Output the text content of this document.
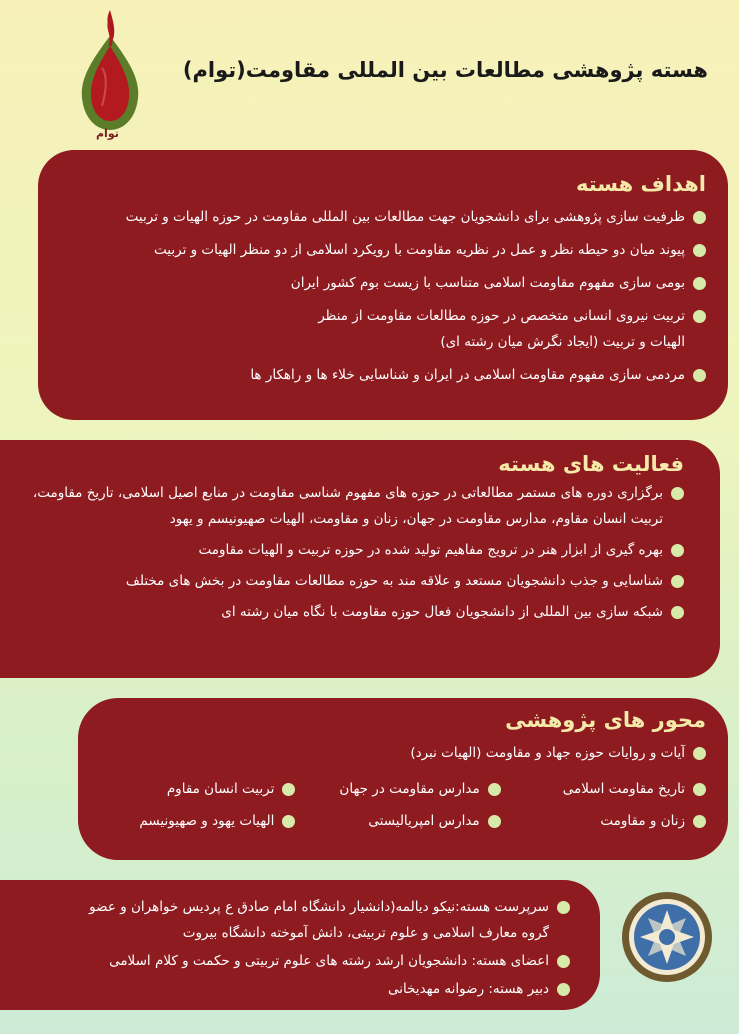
توام
هسته پژوهشی مطالعات بین المللی مقاومت(توام)
اهداف هسته
ظرفیت سازی پژوهشی برای دانشجویان جهت مطالعات بین المللی مقاومت در حوزه الهیات و تربیت
پیوند میان دو حیطه نظر و عمل در نظریه مقاومت با رویکرد اسلامی از دو منظر الهیات و تربیت
بومی سازی مفهوم مقاومت اسلامی متناسب با زیست بوم کشور ایران
تربیت نیروی انسانی متخصص در حوزه مطالعات مقاومت از منظر الهیات و تربیت (ایجاد نگرش میان رشته ای)
مردمی سازی مفهوم مقاومت اسلامی در ایران و شناسایی خلاء ها و راهکار ها
فعالیت های هسته
برگزاری دوره های مستمر مطالعاتی در حوزه های مفهوم شناسی مقاومت در منابع اصیل اسلامی، تاریخ مقاومت، تربیت انسان مقاوم، مدارس مقاومت در جهان، زنان و مقاومت، الهیات صهیونیسم و یهود
بهره گیری از ابزار هنر در ترویج مفاهیم تولید شده در حوزه تربیت و الهیات مقاومت
شناسایی و جذب دانشجویان مستعد و علاقه مند به حوزه مطالعات مقاومت در بخش های مختلف
شبکه سازی بین المللی از دانشجویان فعال حوزه مقاومت با نگاه میان رشته ای
محور های پژوهشی
آیات و روایات حوزه جهاد و مقاومت (الهیات نبرد)
تاریخ مقاومت اسلامی
مدارس مقاومت در جهان
تربیت انسان مقاوم
زنان و مقاومت
مدارس امپریالیستی
الهیات یهود و صهیونیسم
سرپرست هسته:نیکو دیالمه(دانشیار دانشگاه امام صادق ع پردیس خواهران و عضو گروه معارف اسلامی و علوم تربیتی، دانش آموخته دانشگاه بیروت
اعضای هسته: دانشجویان ارشد رشته های علوم تربیتی و حکمت و کلام اسلامی
دبیر هسته: رضوانه مهدیخانی
